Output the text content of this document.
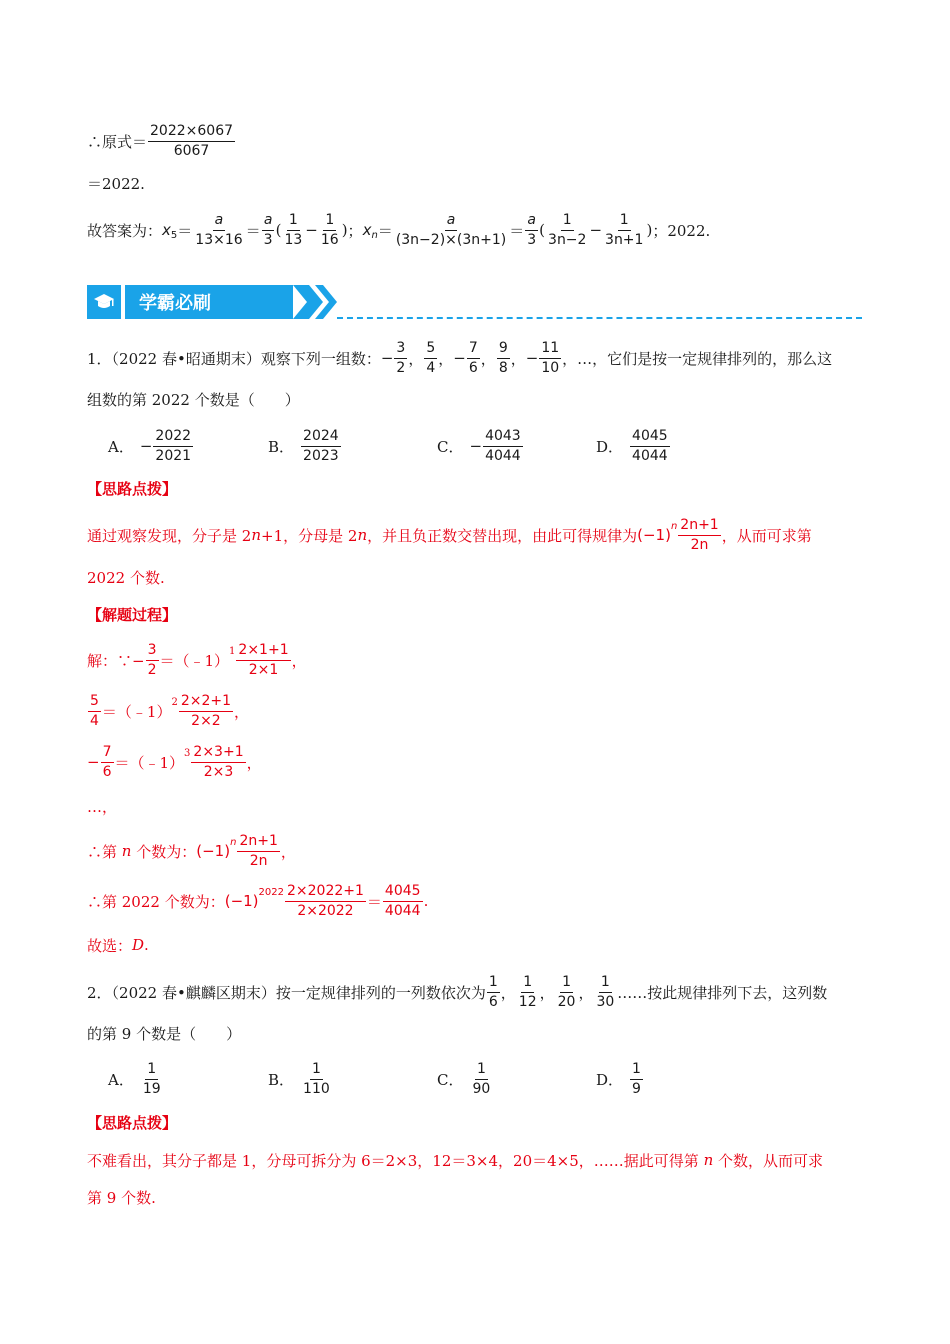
∴原式＝ $\frac{2022\times 6067}{6067}$
＝2022.
故答案为： x $5 = \frac{a}{13\times 16} = \frac{a}{3}$ ( $\frac{1}{13} - \frac{1}{16}$ ) ； x $n = \frac{a}{(3n-2)\times(3n+1)} = \frac{a}{3}$ ( $\frac{1}{3n-2} - \frac{1}{3n+1}$ ) ；2022.
学霸必刷
1．（2022 春•昭通期末）观察下列一组数： − $\frac{3}{2}$ ， $\frac{5}{4}$ ， − $\frac{7}{6}$ ， $\frac{9}{8}$ ， − $\frac{11}{10}$ ，…，它们是按一定规律排列的，那么这
组数的第 2022 个数是（　　）
A． − $\frac{2022}{2021}$	B． $\frac{2024}{2023}$	C． − $\frac{4043}{4044}$	D． $\frac{4045}{4044}$
【思路点拨】
通过观察发现，分子是 2 n +1，分母是 2 n ，并且负正数交替出现，由此可得规律为 (−1) n $\frac{2n+1}{2n}$ ，从而可求第
2022 个数.
【解题过程】
解：∵− $\frac{3}{2}$ ＝（﹣1）
$1 \frac{2\times 1+1}{2\times 1}$ ，
$\frac{5}{4}$ ＝（﹣1）
$2 \frac{2\times 2+1}{2\times 2}$ ，
− $\frac{7}{6}$ ＝（﹣1）
$3 \frac{2\times 3+1}{2\times 3}$ ，
…，
∴第
n
个数为： (−1) n $\frac{2n+1}{2n}$ ，
∴第 2022 个数为： (−1) $2022 \frac{2\times 2022+1}{2\times 2022} = \frac{4045}{4044}$ .
故选： D .
2．（2022 春•麒麟区期末）按一定规律排列的一列数依次为 $\frac{1}{6}$ ， $\frac{1}{12}$ ， $\frac{1}{20}$ ， $\frac{1}{30}$ ……按此规律排列下去，这列数
的第 9 个数是（　　）
A． $\frac{1}{19}$	B． $\frac{1}{110}$	C． $\frac{1}{90}$	D． $\frac{1}{9}$
【思路点拨】
不难看出，其分子都是 1，分母可拆分为 6＝2×3，12＝3×4，20＝4×5，……据此可得第
n
个数，从而可求
第 9 个数.
